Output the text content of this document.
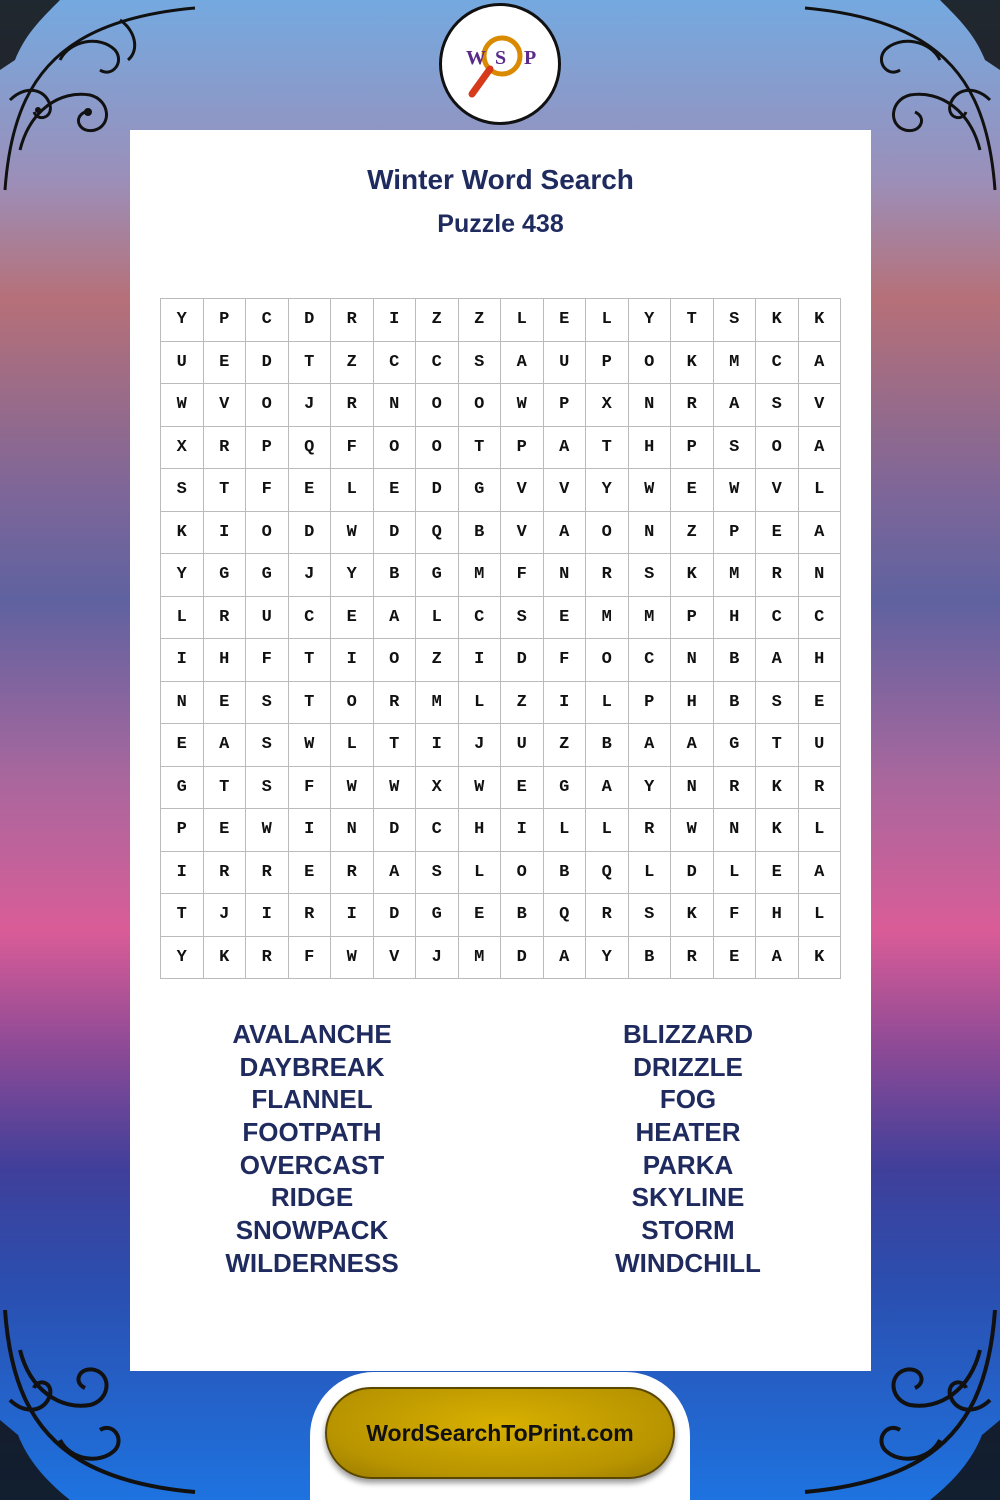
W S P
Winter Word Search
Puzzle 438
Y	P	C	D	R	I	Z	Z	L	E	L	Y	T	S	K	K
U	E	D	T	Z	C	C	S	A	U	P	O	K	M	C	A
W	V	O	J	R	N	O	O	W	P	X	N	R	A	S	V
X	R	P	Q	F	O	O	T	P	A	T	H	P	S	O	A
S	T	F	E	L	E	D	G	V	V	Y	W	E	W	V	L
K	I	O	D	W	D	Q	B	V	A	O	N	Z	P	E	A
Y	G	G	J	Y	B	G	M	F	N	R	S	K	M	R	N
L	R	U	C	E	A	L	C	S	E	M	M	P	H	C	C
I	H	F	T	I	O	Z	I	D	F	O	C	N	B	A	H
N	E	S	T	O	R	M	L	Z	I	L	P	H	B	S	E
E	A	S	W	L	T	I	J	U	Z	B	A	A	G	T	U
G	T	S	F	W	W	X	W	E	G	A	Y	N	R	K	R
P	E	W	I	N	D	C	H	I	L	L	R	W	N	K	L
I	R	R	E	R	A	S	L	O	B	Q	L	D	L	E	A
T	J	I	R	I	D	G	E	B	Q	R	S	K	F	H	L
Y	K	R	F	W	V	J	M	D	A	Y	B	R	E	A	K
AVALANCHE
DAYBREAK
FLANNEL
FOOTPATH
OVERCAST
RIDGE
SNOWPACK
WILDERNESS
BLIZZARD
DRIZZLE
FOG
HEATER
PARKA
SKYLINE
STORM
WINDCHILL
WordSearchToPrint.com
